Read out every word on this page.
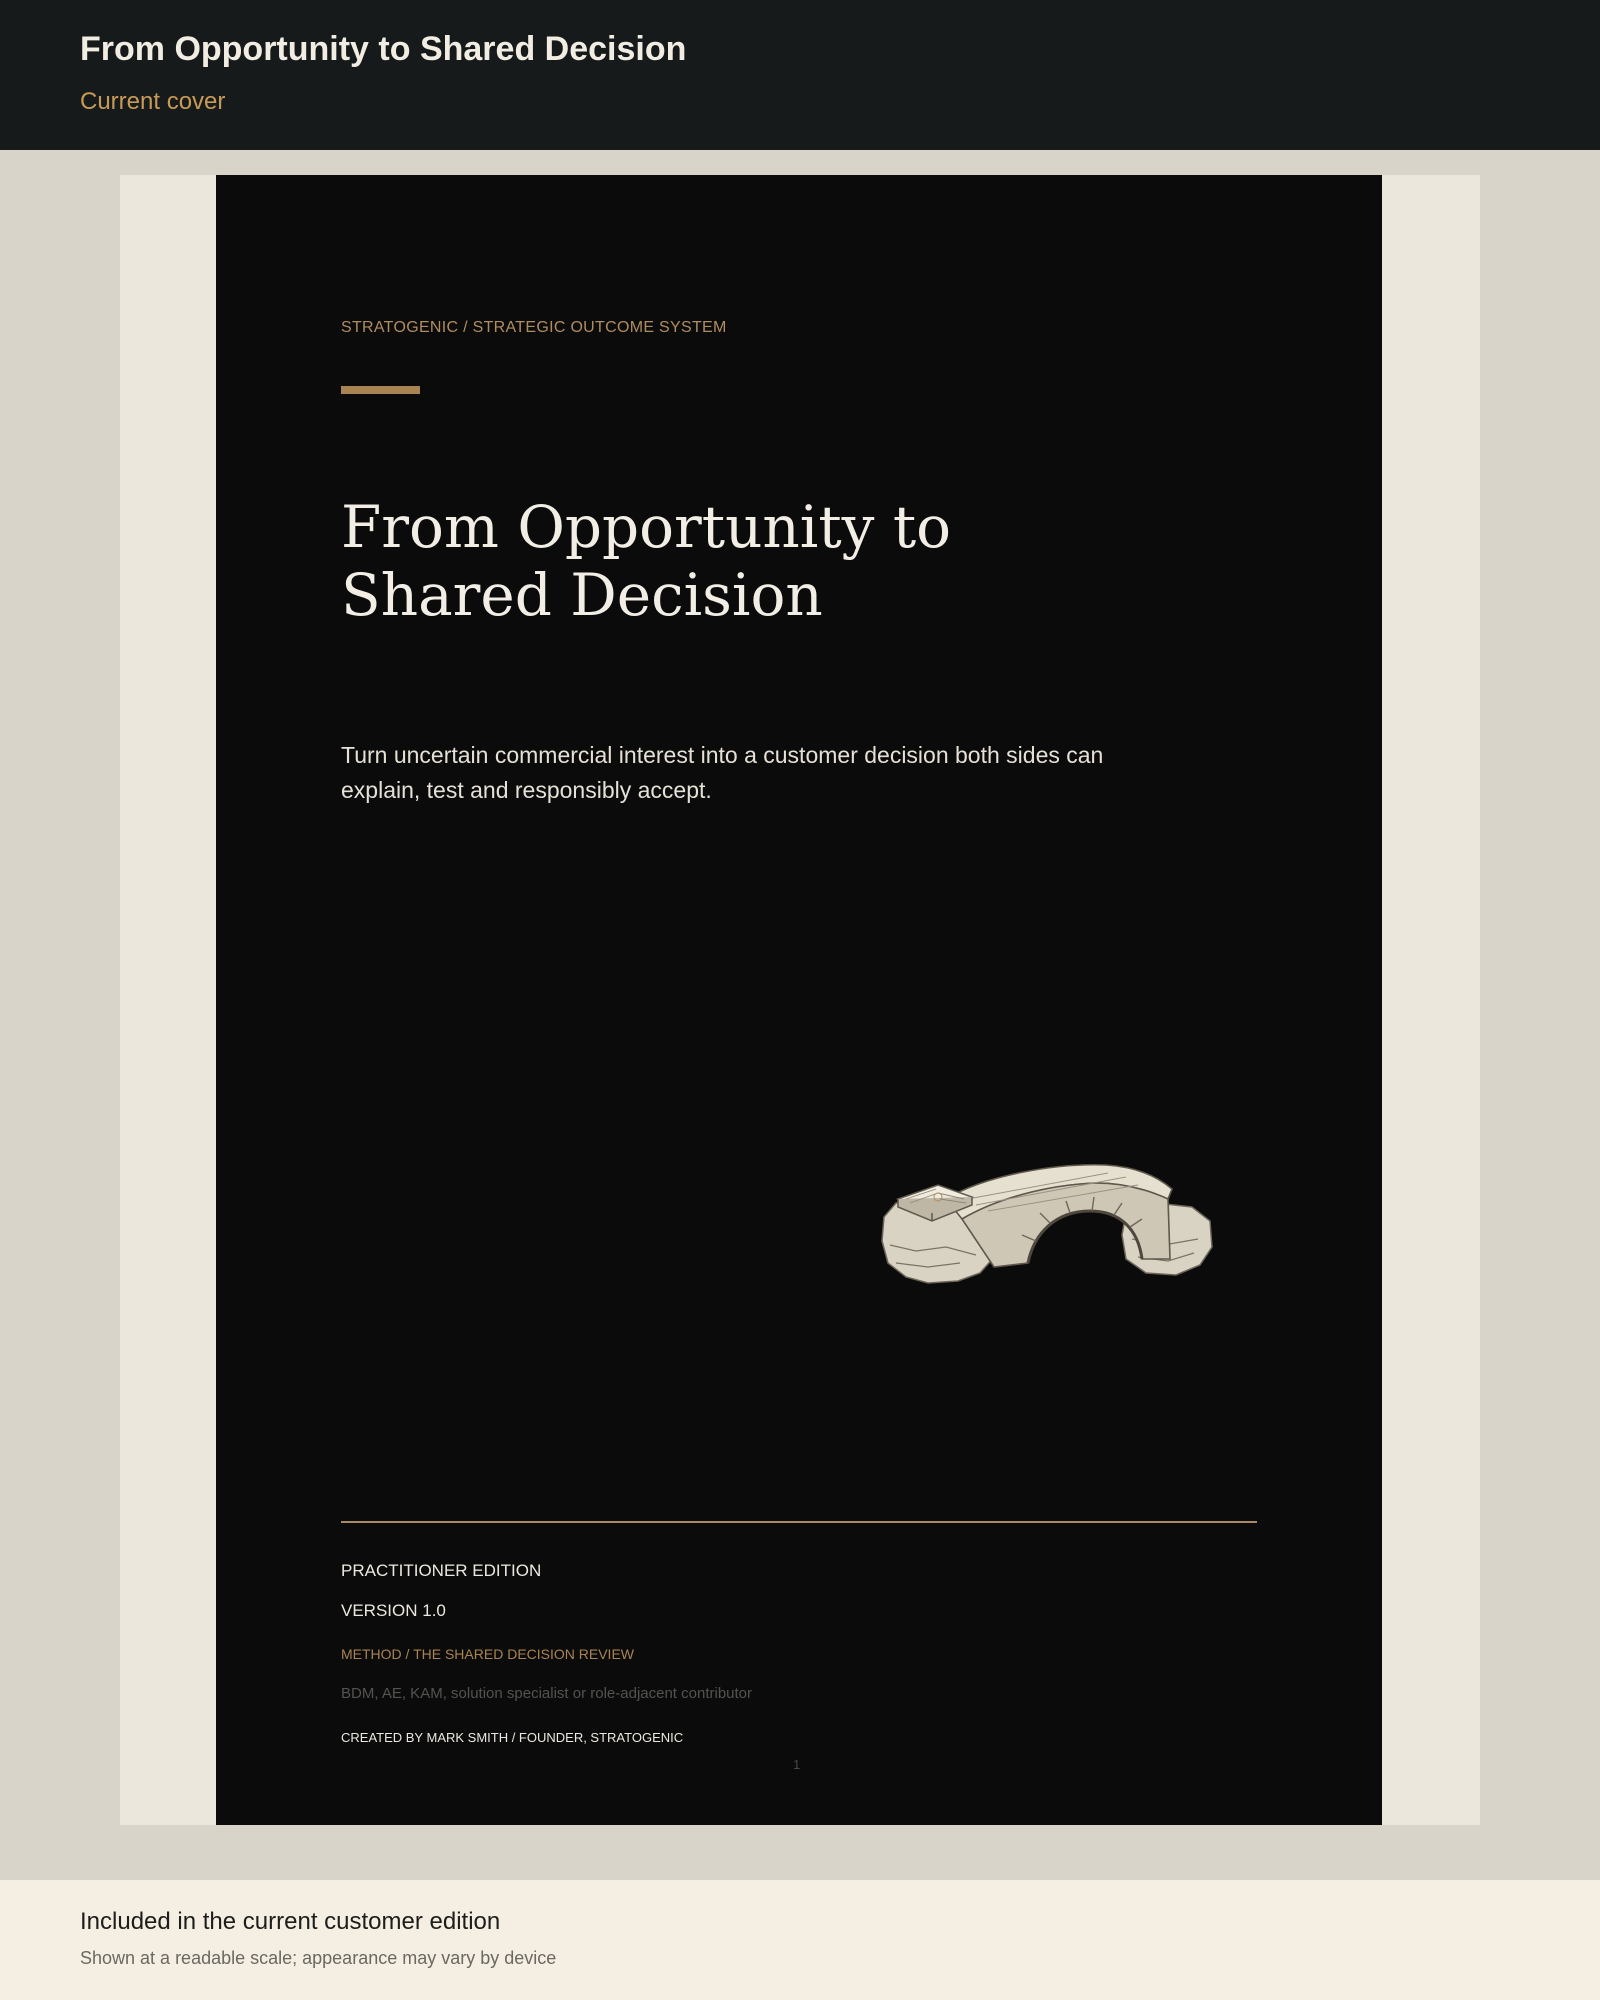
From Opportunity to Shared Decision
Current cover
STRATOGENIC / STRATEGIC OUTCOME SYSTEM
From Opportunity to Shared Decision
Turn uncertain commercial interest into a customer decision both sides can explain, test and responsibly accept.
PRACTITIONER EDITION
VERSION 1.0
METHOD / THE SHARED DECISION REVIEW
BDM, AE, KAM, solution specialist or role-adjacent contributor
CREATED BY MARK SMITH / FOUNDER, STRATOGENIC
1
Included in the current customer edition
Shown at a readable scale; appearance may vary by device
